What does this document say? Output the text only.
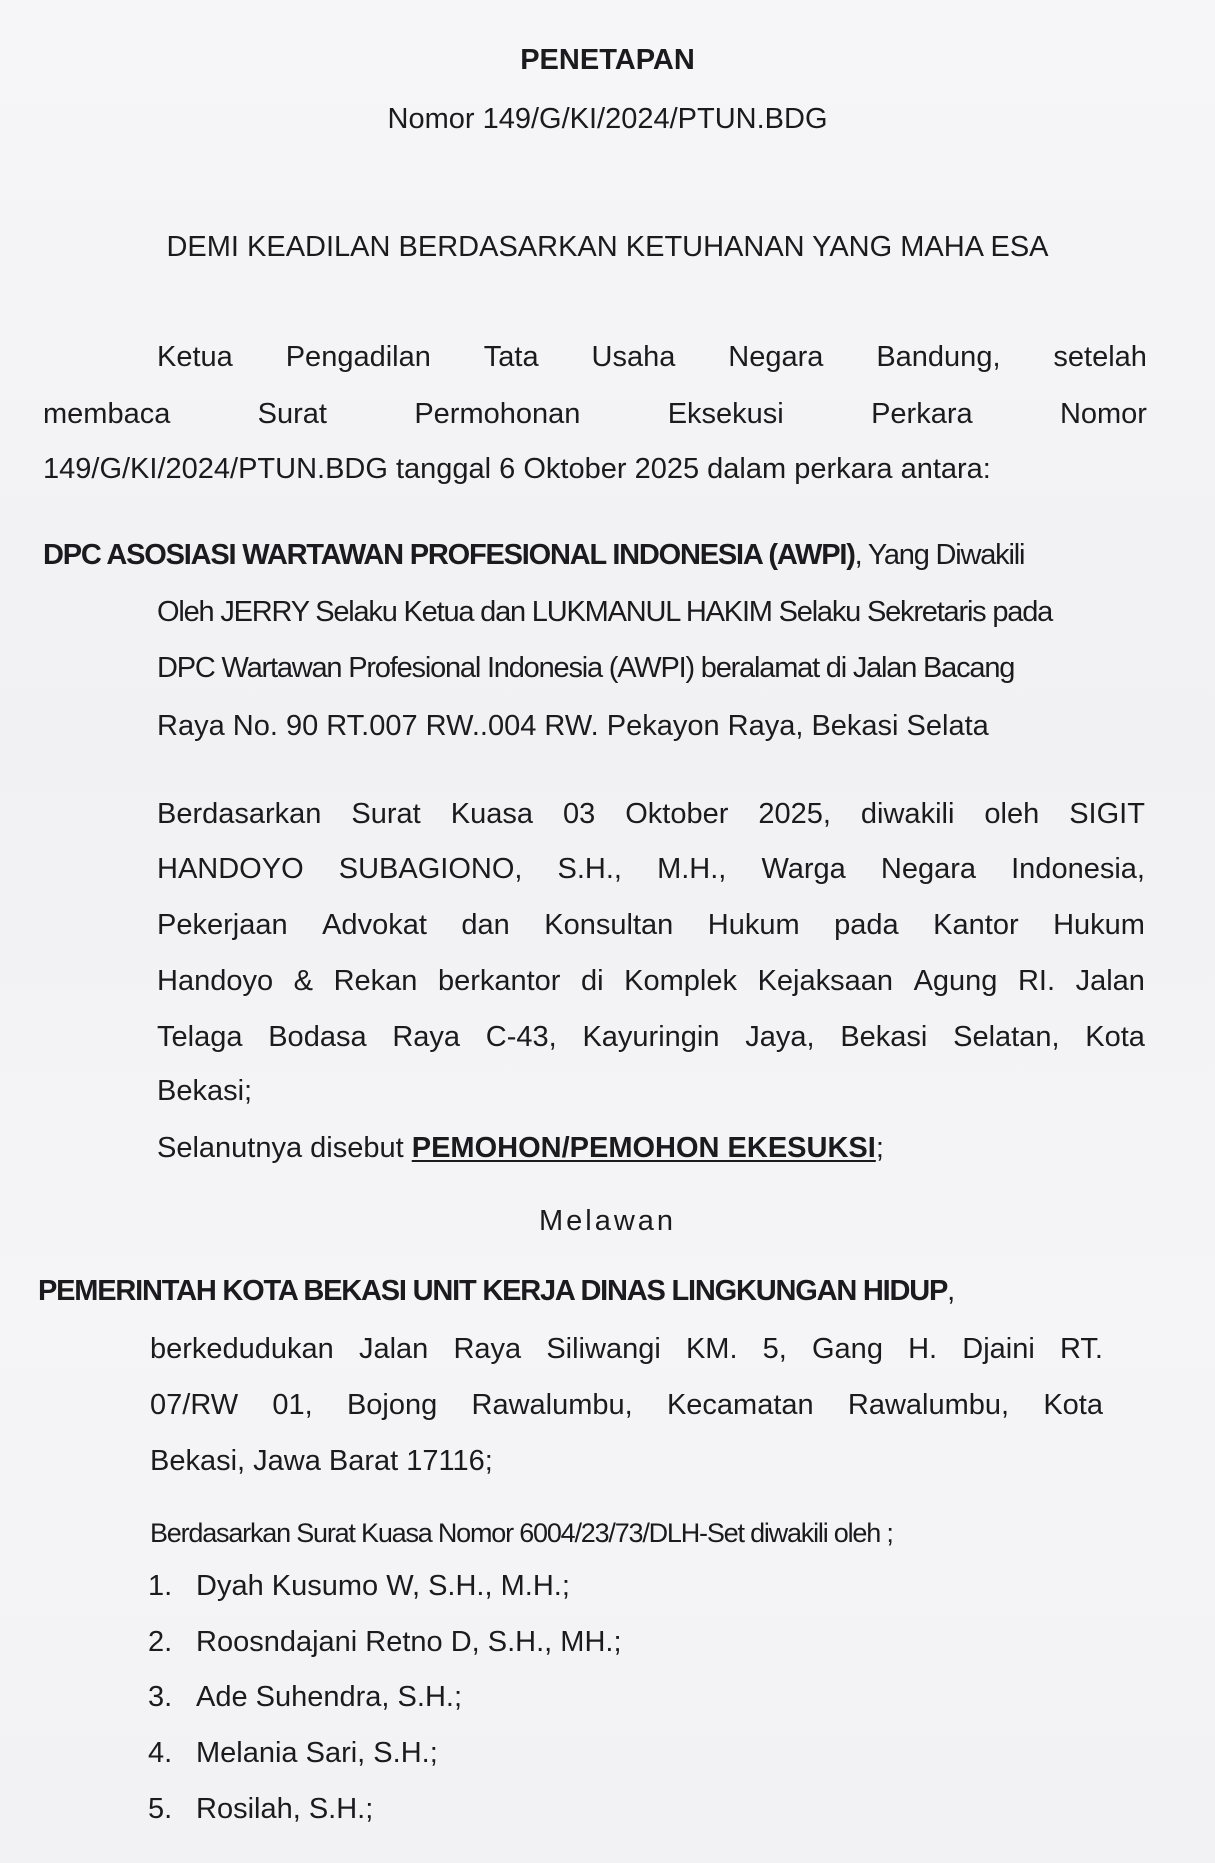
PENETAPAN
Nomor 149/G/KI/2024/PTUN.BDG
DEMI KEADILAN BERDASARKAN KETUHANAN YANG MAHA ESA
Ketua Pengadilan Tata Usaha Negara Bandung, setelah
membaca	Surat	Permohonan	Eksekusi	Perkara	Nomor
149/G/KI/2024/PTUN.BDG tanggal 6 Oktober 2025 dalam perkara antara:
DPC ASOSIASI WARTAWAN PROFESIONAL INDONESIA (AWPI), Yang Diwakili
Oleh JERRY Selaku Ketua dan LUKMANUL HAKIM Selaku Sekretaris pada
DPC Wartawan Profesional Indonesia (AWPI) beralamat di Jalan Bacang
Raya No. 90 RT.007 RW..004 RW. Pekayon Raya, Bekasi Selata
Berdasarkan Surat Kuasa 03 Oktober 2025, diwakili oleh SIGIT
HANDOYO SUBAGIONO, S.H., M.H., Warga Negara Indonesia,
Pekerjaan Advokat dan Konsultan Hukum pada Kantor Hukum
Handoyo & Rekan berkantor di Komplek Kejaksaan Agung RI. Jalan
Telaga Bodasa Raya C-43, Kayuringin Jaya, Bekasi Selatan, Kota
Bekasi;
Selanutnya disebut PEMOHON/PEMOHON EKESUKSI;
Melawan
PEMERINTAH KOTA BEKASI UNIT KERJA DINAS LINGKUNGAN HIDUP,
berkedudukan Jalan Raya Siliwangi KM. 5, Gang H. Djaini RT.
07/RW 01, Bojong Rawalumbu, Kecamatan Rawalumbu, Kota
Bekasi, Jawa Barat 17116;
Berdasarkan Surat Kuasa Nomor 6004/23/73/DLH-Set diwakili oleh ;
1. Dyah Kusumo W, S.H., M.H.;
2. Roosndajani Retno D, S.H., MH.;
3. Ade Suhendra, S.H.;
4. Melania Sari, S.H.;
5. Rosilah, S.H.;
